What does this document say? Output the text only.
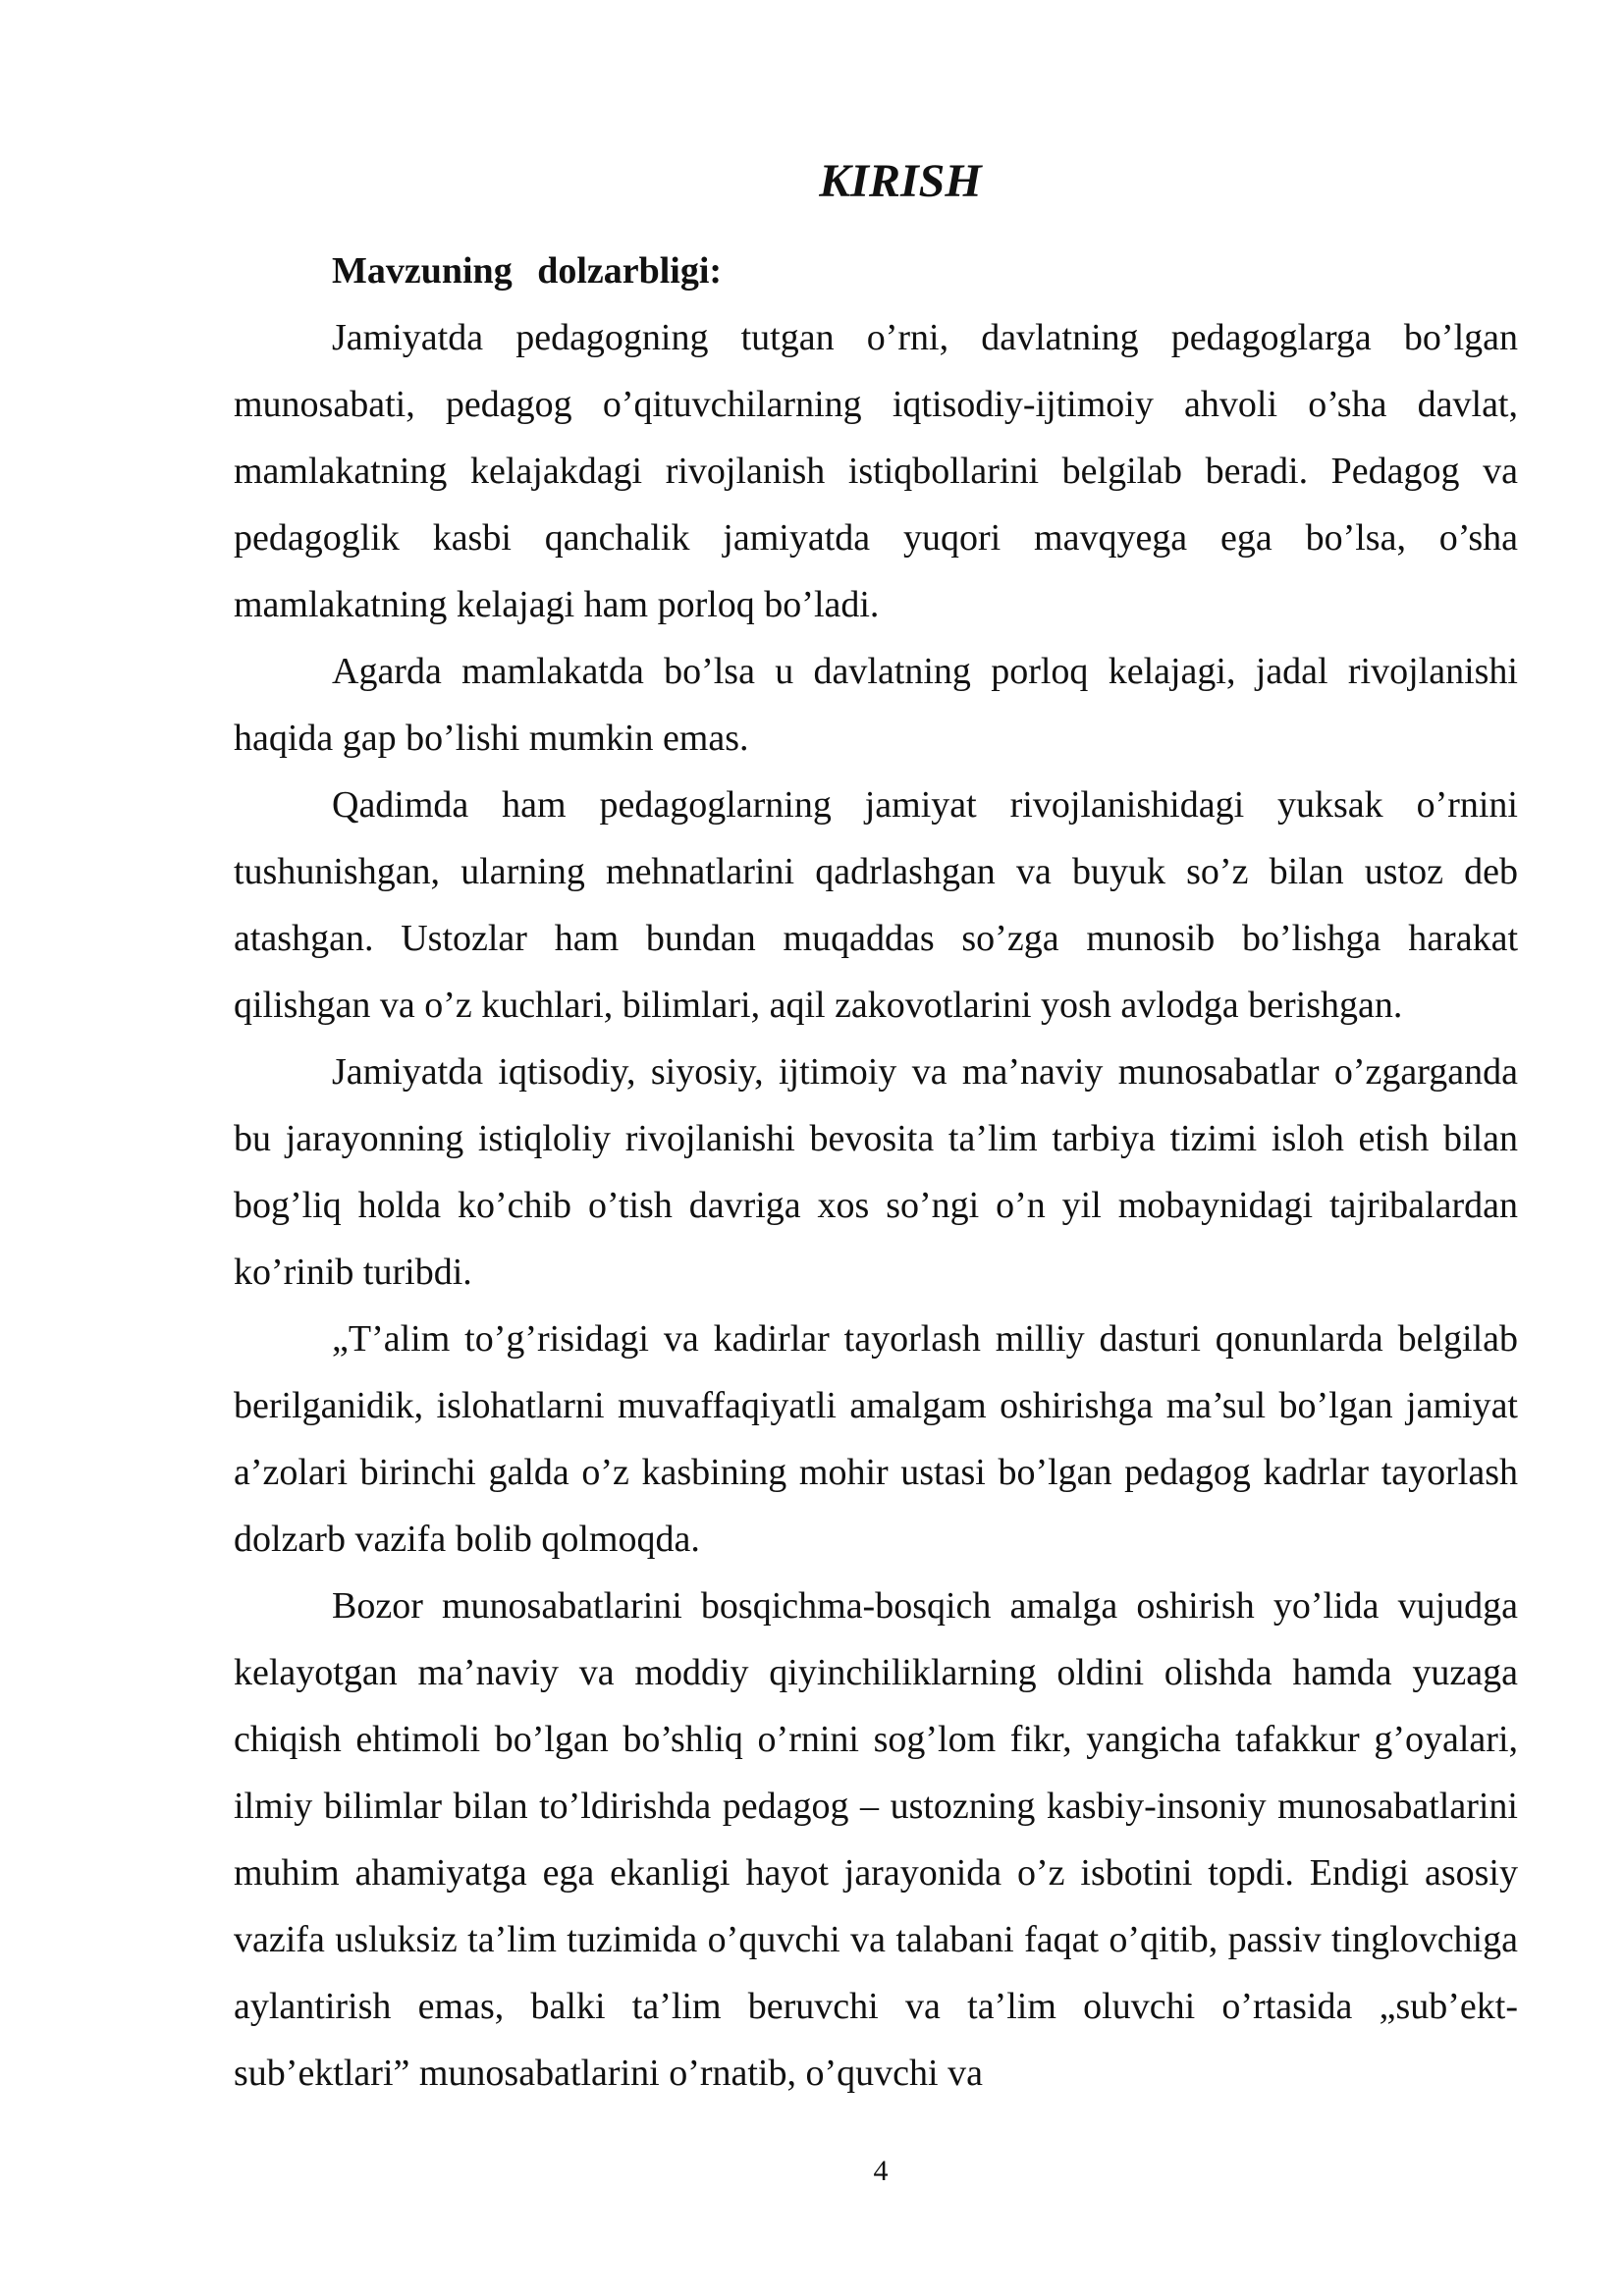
KIRISH

Mavzuning dolzarbligi:

Jamiyatda pedagogning tutgan o’rni, davlatning pedagoglarga bo’lgan munosabati, pedagog o’qituvchilarning iqtisodiy-ijtimoiy ahvoli o’sha davlat, mamlakatning kelajakdagi rivojlanish istiqbollarini belgilab beradi. Pedagog va pedagoglik kasbi qanchalik jamiyatda yuqori mavqyega ega bo’lsa, o’sha mamlakatning kelajagi ham porloq bo’ladi.

Agarda mamlakatda bo’lsa u davlatning porloq kelajagi, jadal rivojlanishi haqida gap bo’lishi mumkin emas.

Qadimda ham pedagoglarning jamiyat rivojlanishidagi yuksak o’rnini tushunishgan, ularning mehnatlarini qadrlashgan va buyuk so’z bilan ustoz deb atashgan. Ustozlar ham bundan muqaddas so’zga munosib bo’lishga harakat qilishgan va o’z kuchlari, bilimlari, aqil zakovotlarini yosh avlodga berishgan.

Jamiyatda iqtisodiy, siyosiy, ijtimoiy va ma’naviy munosabatlar o’zgarganda bu jarayonning istiqloliy rivojlanishi bevosita ta’lim tarbiya tizimi isloh etish bilan bog’liq holda ko’chib o’tish davriga xos so’ngi o’n yil mobaynidagi tajribalardan ko’rinib turibdi.

„T’alim to’g’risidagi va kadirlar tayorlash milliy dasturi qonunlarda belgilab berilganidik, islohatlarni muvaffaqiyatli amalgam oshirishga ma’sul bo’lgan jamiyat a’zolari birinchi galda o’z kasbining mohir ustasi bo’lgan pedagog kadrlar tayorlash dolzarb vazifa bolib qolmoqda.

Bozor munosabatlarini bosqichma-bosqich amalga oshirish yo’lida vujudga kelayotgan ma’naviy va moddiy qiyinchiliklarning oldini olishda hamda yuzaga chiqish ehtimoli bo’lgan bo’shliq o’rnini sog’lom fikr, yangicha tafakkur g’oyalari, ilmiy bilimlar bilan to’ldirishda pedagog – ustozning kasbiy-insoniy munosabatlarini muhim ahamiyatga ega ekanligi hayot jarayonida o’z isbotini topdi. Endigi asosiy vazifa usluksiz ta’lim tuzimida o’quvchi va talabani faqat o’qitib, passiv tinglovchiga aylantirish emas, balki ta’lim beruvchi va ta’lim oluvchi o’rtasida „sub’ekt-sub’ektlari” munosabatlarini o’rnatib, o’quvchi va

4
